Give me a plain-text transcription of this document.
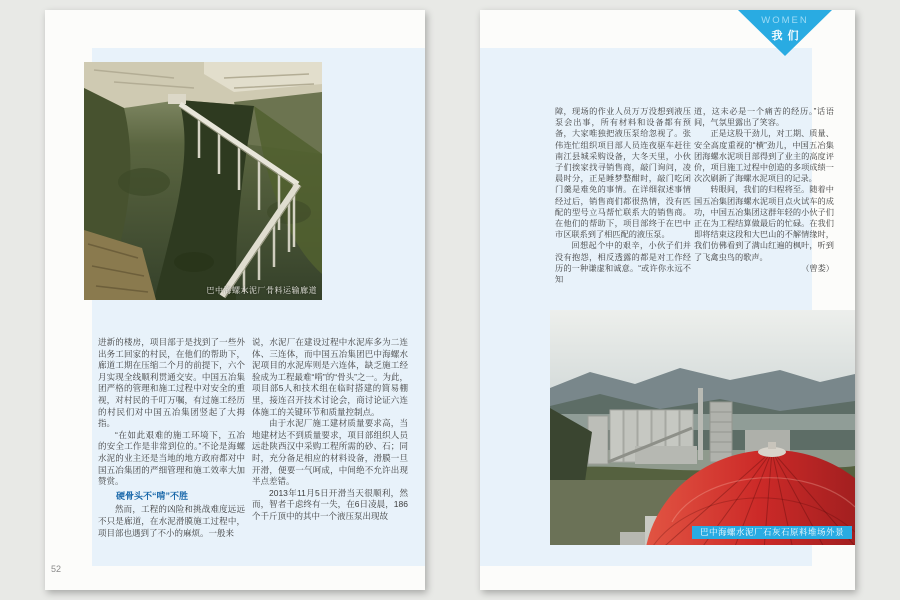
巴中海螺水泥厂骨料运输廊道

进新的楼房，项目部于是找到了一些外出务工回家的村民，在他们的帮助下，廊道工期在压缩二个月的前提下，六个月实现全线顺利贯通交安。中国五冶集团严格的管理和施工过程中对安全的重视，对村民的千叮万嘱，有过施工经历的村民们对中国五冶集团竖起了大拇指。

“在如此艰难的施工环境下，五冶的安全工作是非常到位的。”不论是海螺水泥的业主还是当地的地方政府都对中国五冶集团的严细管理和施工效率大加赞赏。

硬骨头不“啃”不胜

然而，工程的凶险和挑战难度远远不只是廊道，在水泥滑膜施工过程中，项目部也遇到了不小的麻烦。一般来

说，水泥厂在建设过程中水泥库多为二连体、三连体，而中国五冶集团巴中海螺水泥项目的水泥库则是六连体，缺乏施工经验成为工程最难“啃”的“骨头”之一。为此，项目部5人和技术组在临时搭建的简易棚里，接连召开技术讨论会，商讨论证六连体施工的关键环节和质量控制点。

由于水泥厂施工建材质量要求高，当地建材达不到质量要求，项目部组织人员远赴陕西汉中采购工程所需的砂、石；同时，充分备足相应的材料设备，滑膜一旦开滑，便要一气呵成，中间绝不允许出现半点差错。

2013年11月5日开滑当天很顺利，然而，智者千虑终有一失，在6日凌晨，186个千斤顶中的其中一个液压泵出现故

52
WOMEN
我们

障，现场的作业人员万万没想到液压泵会出事，所有材料和设备都有预备，大家唯独把液压泵给忽视了。张伟连忙组织项目部人员连夜驱车赶往南江县城采购设备，大冬天里，小伙子们挨家找寻销售商，敲门询问，凌晨时分，正是睡梦整酣时，敲门吃闭门羹是难免的事情。在详细叙述事情经过后，销售商们都很热情，没有匹配的型号立马帮忙联系大的销售商。在他们的帮助下，项目部终于在巴中市区联系到了相匹配的液压泵。

回想起个中的艰辛，小伙子们并没有抱怨，相反透露的都是对工作经历的一种谦虚和诚意。“或许你永远不知

道，这未必是一个痛苦的经历。”话语间，气氛里露出了笑容。

正是这股干劲儿，对工期、质量、安全高度重视的“横”劲儿，中国五冶集团海螺水泥项目部得到了业主的高度评价，项目施工过程中创造的多项成绩一次次刷新了海螺水泥项目的记录。

转眼间，我们的归程将至。随着中国五冶集团海螺水泥项目点火试车的成功，中国五冶集团这群年轻的小伙子们正在为工程结算做最后的忙碌。在我们即将结束这段和大巴山的不解情缘时，我们仿佛看到了满山红遍的枫叶，听到了飞禽虫鸟的歌声。

（曾娄）

巴中海螺水泥厂石灰石原料堆场外景
